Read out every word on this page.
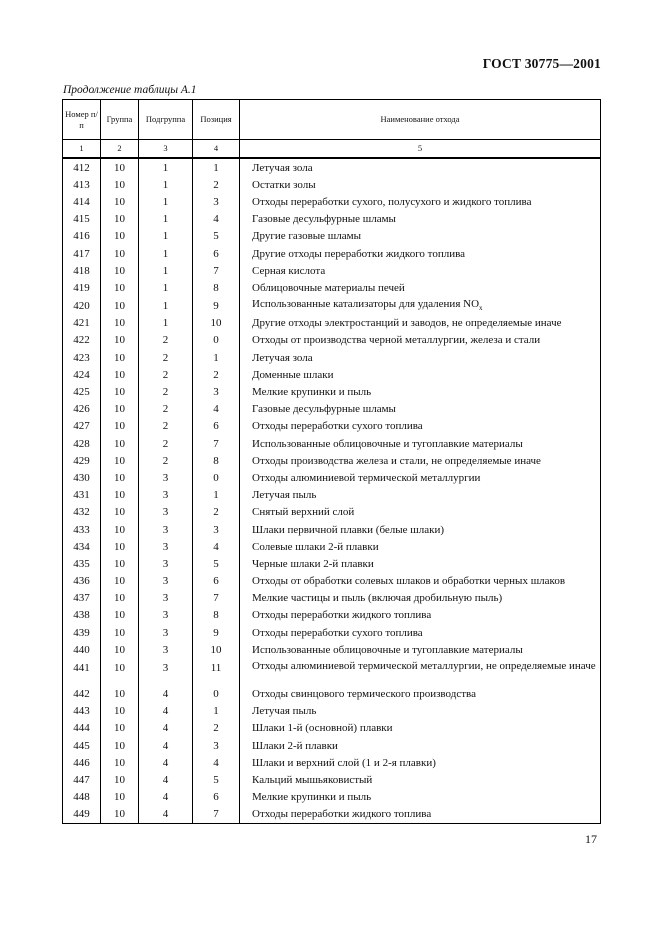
ГОСТ 30775—2001
Продолжение таблицы А.1
Номер п/п	Группа	Подгруппа	Позиция	Наименование отхода
1	2	3	4	5
412	10	1	1	Летучая зола
413	10	1	2	Остатки золы
414	10	1	3	Отходы переработки сухого, полусухого и жидкого топлива
415	10	1	4	Газовые десульфурные шламы
416	10	1	5	Другие газовые шламы
417	10	1	6	Другие отходы переработки жидкого топлива
418	10	1	7	Серная кислота
419	10	1	8	Облицовочные материалы печей
420	10	1	9	Использованные катализаторы для удаления $NO_x$
421	10	1	10	Другие отходы электростанций и заводов, не определяемые иначе
422	10	2	0	Отходы от производства черной металлургии, железа и стали
423	10	2	1	Летучая зола
424	10	2	2	Доменные шлаки
425	10	2	3	Мелкие крупинки и пыль
426	10	2	4	Газовые десульфурные шламы
427	10	2	6	Отходы переработки сухого топлива
428	10	2	7	Использованные облицовочные и тугоплавкие материалы
429	10	2	8	Отходы производства железа и стали, не определяемые иначе
430	10	3	0	Отходы алюминиевой термической металлургии
431	10	3	1	Летучая пыль
432	10	3	2	Снятый верхний слой
433	10	3	3	Шлаки первичной плавки (белые шлаки)
434	10	3	4	Солевые шлаки 2-й плавки
435	10	3	5	Черные шлаки 2-й плавки
436	10	3	6	Отходы от обработки солевых шлаков и обработки черных шлаков
437	10	3	7	Мелкие частицы и пыль (включая дробильную пыль)
438	10	3	8	Отходы переработки жидкого топлива
439	10	3	9	Отходы переработки сухого топлива
440	10	3	10	Использованные облицовочные и тугоплавкие материалы
441	10	3	11	Отходы алюминиевой термической металлургии, не определяемые иначе
442	10	4	0	Отходы свинцового термического производства
443	10	4	1	Летучая пыль
444	10	4	2	Шлаки 1-й (основной) плавки
445	10	4	3	Шлаки 2-й плавки
446	10	4	4	Шлаки и верхний слой (1 и 2-я плавки)
447	10	4	5	Кальций мышьяковистый
448	10	4	6	Мелкие крупинки и пыль
449	10	4	7	Отходы переработки жидкого топлива
17
